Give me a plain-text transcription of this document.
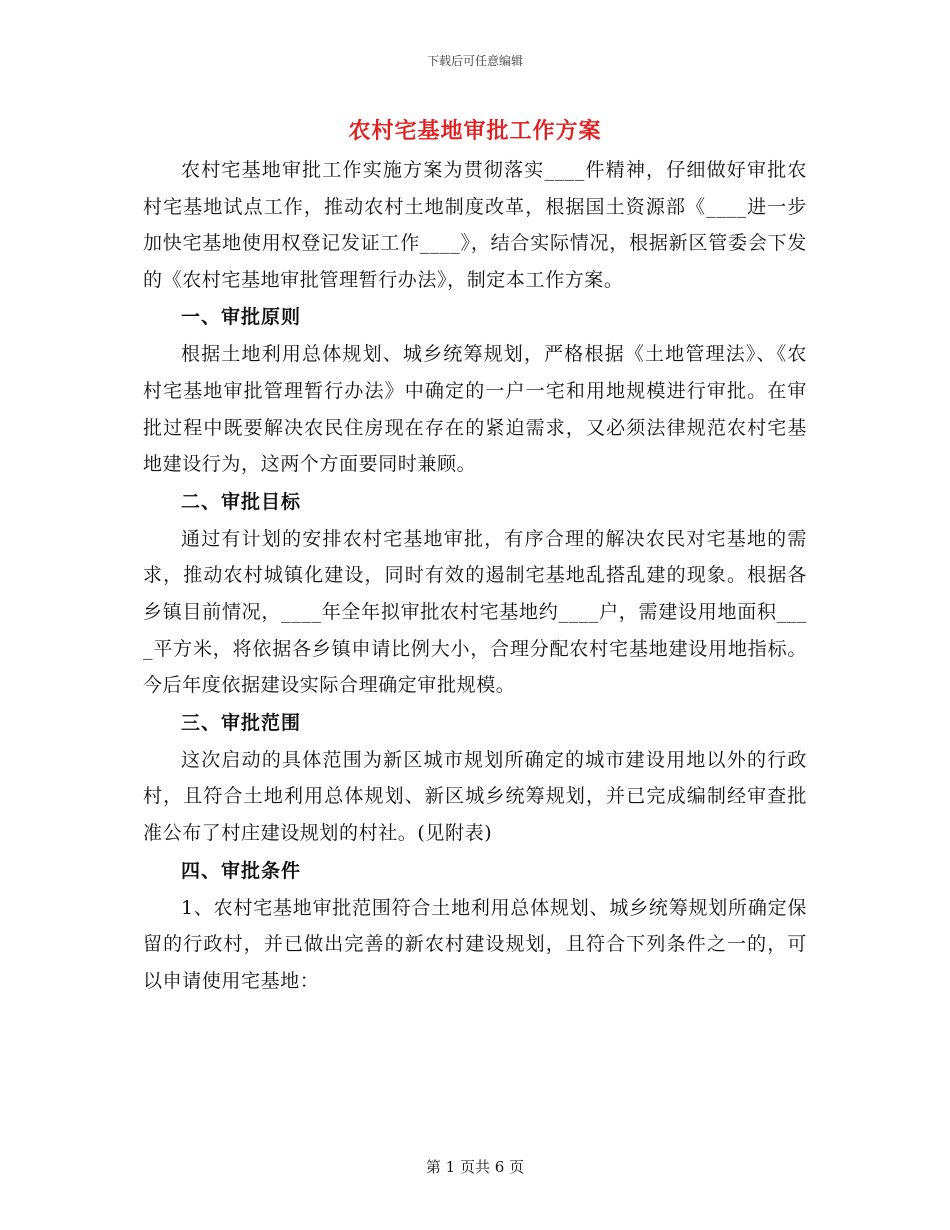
下载后可任意编辑
农村宅基地审批工作方案

农村宅基地审批工作实施方案为贯彻落实____件精神，仔细做好审批农村宅基地试点工作，推动农村土地制度改革，根据国土资源部《____进一步加快宅基地使用权登记发证工作____》，结合实际情况，根据新区管委会下发的《农村宅基地审批管理暂行办法》，制定本工作方案。

一、审批原则

根据土地利用总体规划、城乡统筹规划，严格根据《土地管理法》、《农村宅基地审批管理暂行办法》中确定的一户一宅和用地规模进行审批。在审批过程中既要解决农民住房现在存在的紧迫需求，又必须法律规范农村宅基地建设行为，这两个方面要同时兼顾。

二、审批目标

通过有计划的安排农村宅基地审批，有序合理的解决农民对宅基地的需求，推动农村城镇化建设，同时有效的遏制宅基地乱搭乱建的现象。根据各乡镇目前情况，____年全年拟审批农村宅基地约____户，需建设用地面积____平方米，将依据各乡镇申请比例大小，合理分配农村宅基地建设用地指标。今后年度依据建设实际合理确定审批规模。

三、审批范围

这次启动的具体范围为新区城市规划所确定的城市建设用地以外的行政村，且符合土地利用总体规划、新区城乡统筹规划，并已完成编制经审查批准公布了村庄建设规划的村社。(见附表)

四、审批条件

1、农村宅基地审批范围符合土地利用总体规划、城乡统筹规划所确定保留的行政村，并已做出完善的新农村建设规划，且符合下列条件之一的，可以申请使用宅基地：

第 1 页共 6 页
